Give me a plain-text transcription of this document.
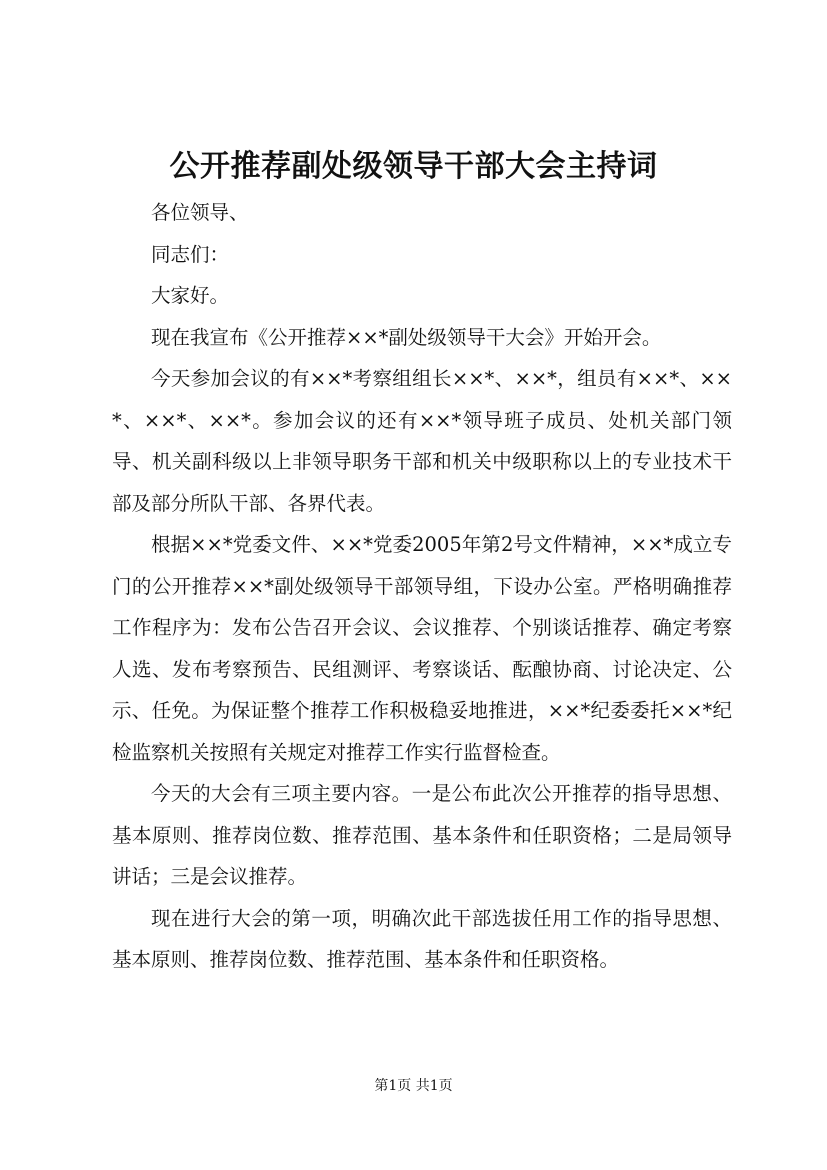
公开推荐副处级领导干部大会主持词

各位领导、

同志们：

大家好。

现在我宣布《公开推荐××*副处级领导干大会》开始开会。

今天参加会议的有××*考察组组长××*、××*，组员有××*、××*、××*、××*。参加会议的还有××*领导班子成员、处机关部门领导、机关副科级以上非领导职务干部和机关中级职称以上的专业技术干部及部分所队干部、各界代表。

根据××*党委文件、××*党委2005年第2号文件精神，××*成立专门的公开推荐××*副处级领导干部领导组，下设办公室。严格明确推荐工作程序为：发布公告召开会议、会议推荐、个别谈话推荐、确定考察人选、发布考察预告、民组测评、考察谈话、酝酿协商、讨论决定、公示、任免。为保证整个推荐工作积极稳妥地推进，××*纪委委托××*纪检监察机关按照有关规定对推荐工作实行监督检查。

今天的大会有三项主要内容。一是公布此次公开推荐的指导思想、基本原则、推荐岗位数、推荐范围、基本条件和任职资格；二是局领导讲话；三是会议推荐。

现在进行大会的第一项，明确次此干部选拔任用工作的指导思想、基本原则、推荐岗位数、推荐范围、基本条件和任职资格。

第1页 共1页
